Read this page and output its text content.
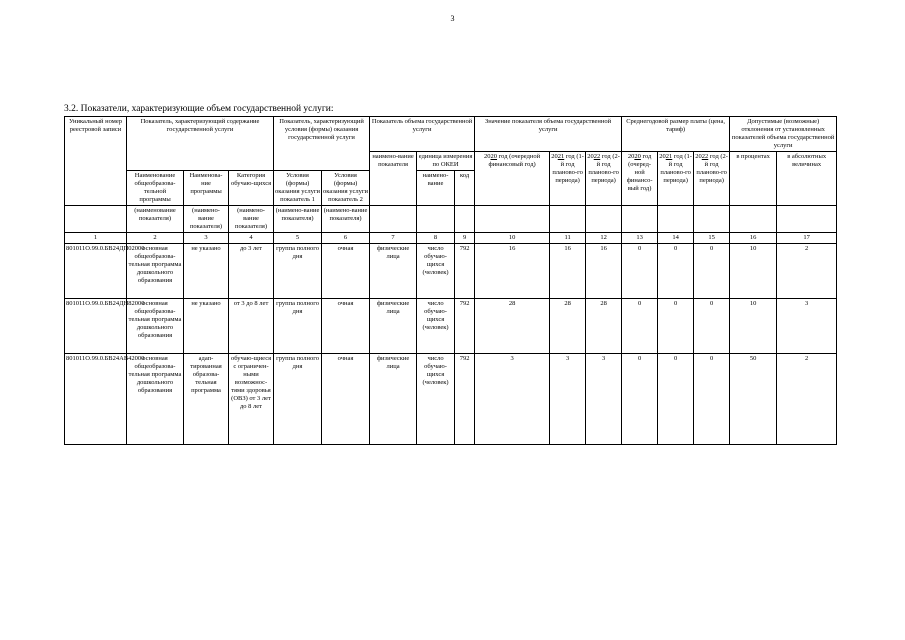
3
3.2. Показатели, характеризующие объем государственной услуги:
Уникальный номер реестровой записи	Показатель, характеризующий содержание государственной услуги			Показатель, характеризующий условия (формы) оказания государственной услуги		Показатель объема государственной услуги			Значение показателя объема государственной услуги			Среднегодовой размер платы (цена, тариф)			Допустимые (возможные) отклонения от установленных показателей объема государственной услуги	
						наимено-вание показателя	единица измерения по ОКЕИ		2020 год (очередной финансовый год)	2021 год (1-й год планово-го периода)	2022 год (2-й год планово-го периода)	2020 год (очеред-ной финансо-вый год)	2021 год (1-й год планово-го периода)	2022 год (2-й год планово-го периода)	в процентах	в абсолютных величинах
	Наименование общеобразова-тельной программы	Наименова-ние программы	Категория обучаю-щихся	Условия (формы) оказания услуги показатель 1	Условия (формы) оказания услуги показатель 2		наимено-вание	код								
	(наименование показателя)	(наимено-вание показателя)	(наимено-вание показателя)	(наимено-вание показателя)	(наимено-вание показателя)											
1	2	3	4	5	6	7	8	9	10	11	12	13	14	15	16	17
801011О.99.0.БВ24ДП02000	основная общеобразова-тельная программа дошкольного образования	не указано	до 3 лет	группа полного дня	очная	физические лица	число обучаю-щихся (человек)	792	16	16	16	0	0	0	10	2
801011О.99.0.БВ24ДН82000	основная общеобразова-тельная программа дошкольного образования	не указано	от 3 до 8 лет	группа полного дня	очная	физические лица	число обучаю-щихся (человек)	792	28	28	28	0	0	0	10	3
801011О.99.0.БВ24АВ42000	основная общеобразова-тельная программа дошкольного образования	адап-тированная образова-тельная программа	обучаю-щиеся с ограничен-ными возможнос-тями здоровья (ОВЗ) от 3 лет до 8 лет	группа полного дня	очная	физические лица	число обучаю-щихся (человек)	792	3	3	3	0	0	0	50	2
